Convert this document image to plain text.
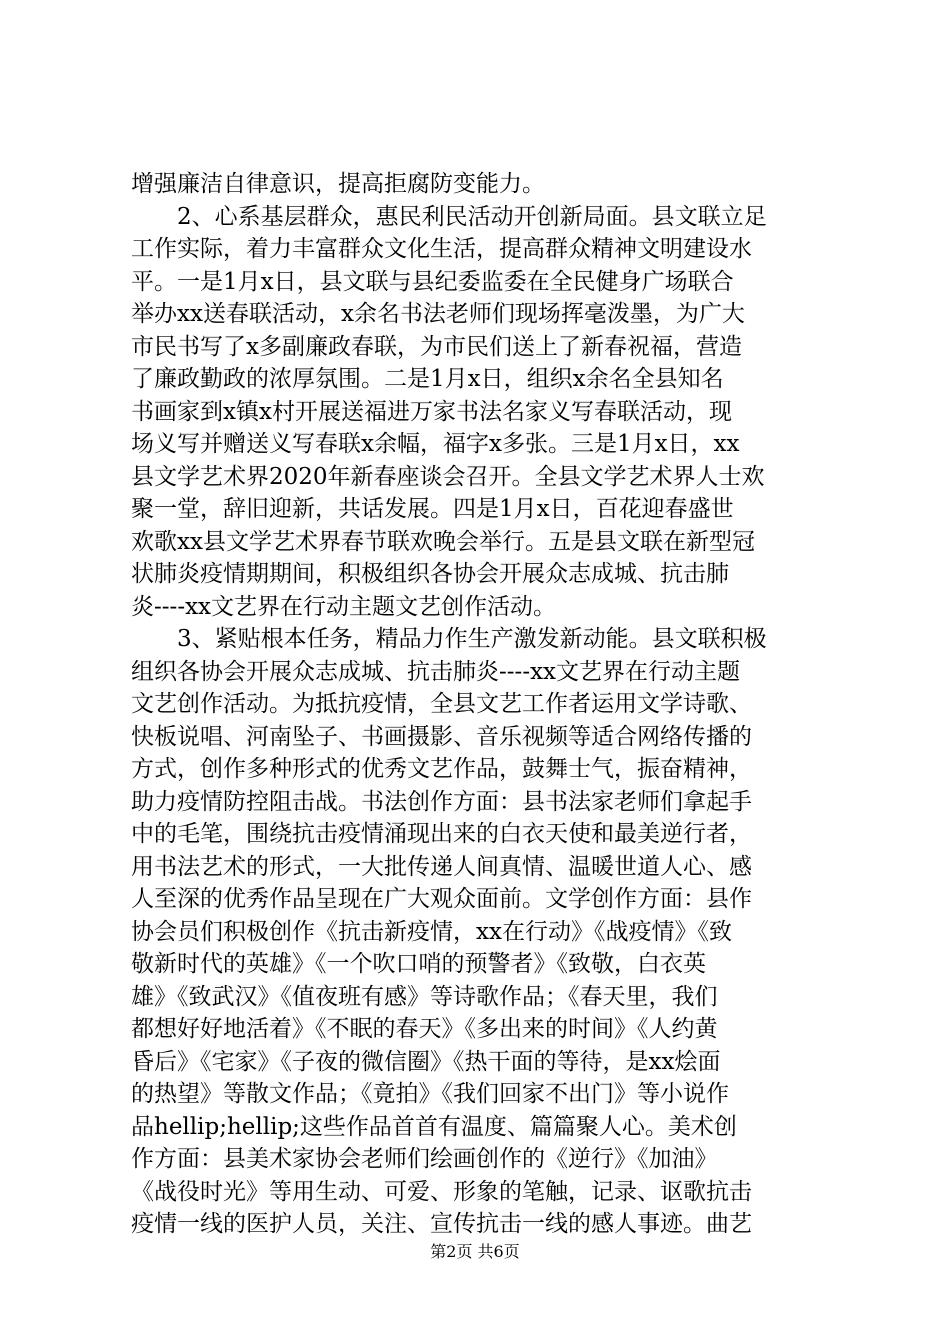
增强廉洁自律意识，提高拒腐防变能力。
2、心系基层群众，惠民利民活动开创新局面。县文联立足
工作实际，着力丰富群众文化生活，提高群众精神文明建设水
平。一是1月x日，县文联与县纪委监委在全民健身广场联合
举办xx送春联活动，x余名书法老师们现场挥毫泼墨，为广大
市民书写了x多副廉政春联，为市民们送上了新春祝福，营造
了廉政勤政的浓厚氛围。二是1月x日，组织x余名全县知名
书画家到x镇x村开展送福进万家书法名家义写春联活动，现
场义写并赠送义写春联x余幅，福字x多张。三是1月x日，xx
县文学艺术界2020年新春座谈会召开。全县文学艺术界人士欢
聚一堂，辞旧迎新，共话发展。四是1月x日，百花迎春盛世
欢歌xx县文学艺术界春节联欢晚会举行。五是县文联在新型冠
状肺炎疫情期期间，积极组织各协会开展众志成城、抗击肺
炎----xx文艺界在行动主题文艺创作活动。
3、紧贴根本任务，精品力作生产激发新动能。县文联积极
组织各协会开展众志成城、抗击肺炎----xx文艺界在行动主题
文艺创作活动。为抵抗疫情，全县文艺工作者运用文学诗歌、
快板说唱、河南坠子、书画摄影、音乐视频等适合网络传播的
方式，创作多种形式的优秀文艺作品，鼓舞士气，振奋精神，
助力疫情防控阻击战。书法创作方面：县书法家老师们拿起手
中的毛笔，围绕抗击疫情涌现出来的白衣天使和最美逆行者，
用书法艺术的形式，一大批传递人间真情、温暖世道人心、感
人至深的优秀作品呈现在广大观众面前。文学创作方面：县作
协会员们积极创作《抗击新疫情，xx在行动》《战疫情》《致
敬新时代的英雄》《一个吹口哨的预警者》《致敬，白衣英
雄》《致武汉》《值夜班有感》等诗歌作品；《春天里，我们
都想好好地活着》《不眠的春天》《多出来的时间》《人约黄
昏后》《宅家》《子夜的微信圈》《热干面的等待，是xx烩面
的热望》等散文作品；《竟拍》《我们回家不出门》等小说作
品hellip;hellip;这些作品首首有温度、篇篇聚人心。美术创
作方面：县美术家协会老师们绘画创作的《逆行》《加油》
《战役时光》等用生动、可爱、形象的笔触，记录、讴歌抗击
疫情一线的医护人员，关注、宣传抗击一线的感人事迹。曲艺
第2页 共6页
